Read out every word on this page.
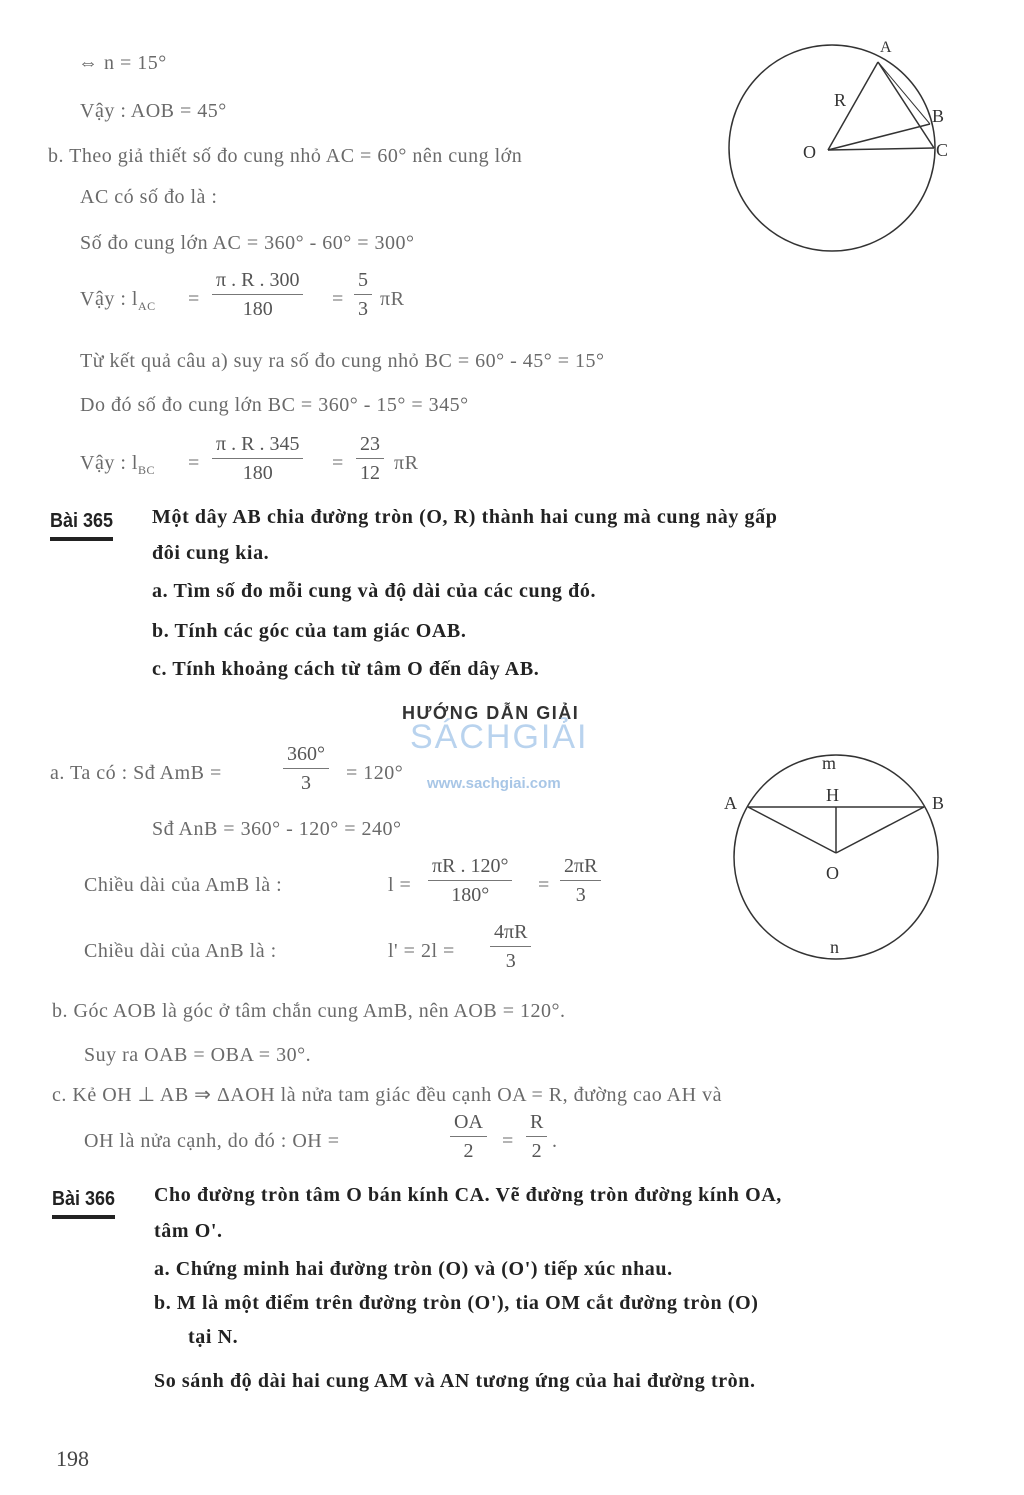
⇔ n = 15°
Vậy : AOB = 45°
b. Theo giả thiết số đo cung nhỏ AC = 60° nên cung lớn
AC có số đo là :
Số đo cung lớn AC = 360° - 60° = 300°
Vậy : $l_{AC} = \frac{\pi . R . 300}{180} = \frac{5}{3}$ πR
Từ kết quả câu a) suy ra số đo cung nhỏ BC = 60° - 45° = 15°
Do đó số đo cung lớn BC = 360° - 15° = 345°
Vậy : $l_{BC} = \frac{\pi . R . 345}{180} = \frac{23}{12}$ πR
A
B
C
O
R
Bài 365 Một dây AB chia đường tròn (O, R) thành hai cung mà cung này gấp
đôi cung kia.
a. Tìm số đo mỗi cung và độ dài của các cung đó.
b. Tính các góc của tam giác OAB.
c. Tính khoảng cách từ tâm O đến dây AB.
HƯỚNG DẪN GIẢI
SÁCHGIẢI
www.sachgiai.com
a. Ta có : Sđ AmB =	$\frac{360^\circ}{3} = 120^\circ$
Sđ AnB = 360° - 120° = 240°
Chiều dài của AmB là :	$l = \frac{\pi R . 120^\circ}{180^\circ} = \frac{2\pi R}{3}$
Chiều dài của AnB là :	$l' = 2l = \frac{4\pi R}{3}$
A	B
H
O
m
n
b. Góc AOB là góc ở tâm chắn cung AmB, nên AOB = 120°.
Suy ra OAB = OBA = 30°.
c. Kẻ OH ⊥ AB ⇒ ΔAOH là nửa tam giác đều cạnh OA = R, đường cao AH và
OH là nửa cạnh, do đó : OH =	$\frac{OA}{2} = \frac{R}{2}$ .
Bài 366 Cho đường tròn tâm O bán kính CA. Vẽ đường tròn đường kính OA,
tâm O'.
a. Chứng minh hai đường tròn (O) và (O') tiếp xúc nhau.
b. M là một điểm trên đường tròn (O'), tia OM cắt đường tròn (O)
tại N.
So sánh độ dài hai cung AM và AN tương ứng của hai đường tròn.
198
